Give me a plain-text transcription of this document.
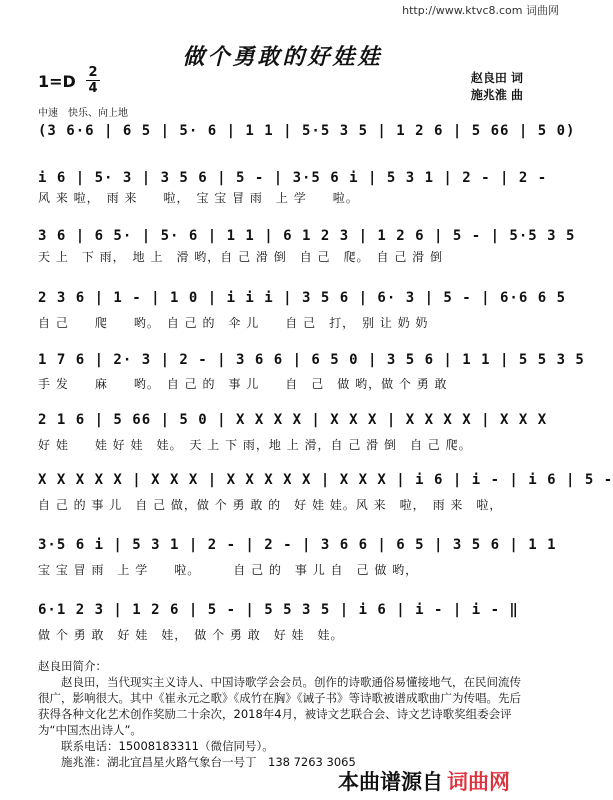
http://www.ktvc8.com 词曲网
做个勇敢的好娃娃
1=D 2
4
赵良田 词
施兆淮 曲
中速　快乐、向上地
(3 6·6 | 6 5 | 5· 6 | 1 1 | 5·5 3 5 | 1 2 6 | 5 66 | 5 0)
i 6 | 5· 3 | 3 5 6 | 5 - | 3·5 6 i | 5 3 1 | 2 - | 2 -
风 来 啦，　雨 来　　啦，　宝 宝 冒 雨　上 学　　啦。
3 6 | 6 5· | 5· 6 | 1 1 | 6 1 2 3 | 1 2 6 | 5 - | 5·5 3 5
天 上　下 雨，　地 上　滑 哟，自 己 滑 倒　自 己　爬。　自 己 滑 倒
2 3 6 | 1 - | 1 0 | i i i | 3 5 6 | 6· 3 | 5 - | 6·6 6 5
自 己　　爬　　哟。　自 己 的　伞 儿　　自 己　打，　别 让 奶 奶
1 7 6 | 2· 3 | 2 - | 3 6 6 | 6 5 0 | 3 5 6 | 1 1 | 5 5 3 5
手 发　　麻　　哟。　自 己 的　事 儿　　自　己　做 哟，做 个 勇 敢
2 1 6 | 5 66 | 5 0 | X X X X | X X X | X X X X | X X X
好 娃　　娃 好 娃　娃。　天 上 下 雨，地 上 滑，自 己 滑 倒　自 己 爬。
X X X X X | X X X | X X X X X | X X X | i 6 | i - | i 6 | 5 -
自 己 的 事 儿　自 己 做，做 个 勇 敢 的　好 娃 娃。风 来　啦，　雨 来　啦，
3·5 6 i | 5 3 1 | 2 - | 2 - | 3 6 6 | 6 5 | 3 5 6 | 1 1
宝 宝 冒 雨　上 学　　啦。　　　自 己 的　事 儿 自　己 做 哟，
6·1 2 3 | 1 2 6 | 5 - | 5 5 3 5 | i 6 | i - | i - ‖
做 个 勇 敢　好 娃　娃，　做 个 勇 敢　好 娃　娃。

赵良田简介：

赵良田，当代现实主义诗人、中国诗歌学会会员。创作的诗歌通俗易懂接地气，在民间流传很广，影响很大。其中《崔永元之歌》《成竹在胸》《诫子书》等诗歌被谱成歌曲广为传唱。先后获得各种文化艺术创作奖励二十余次，2018年4月，被诗文艺联合会、诗文艺诗歌奖组委会评为“中国杰出诗人”。

联系电话：15008183311（微信同号）。

施兆淮：湖北宜昌星火路气象台一号丁　138 7263 3065

本曲谱源自 词曲网
